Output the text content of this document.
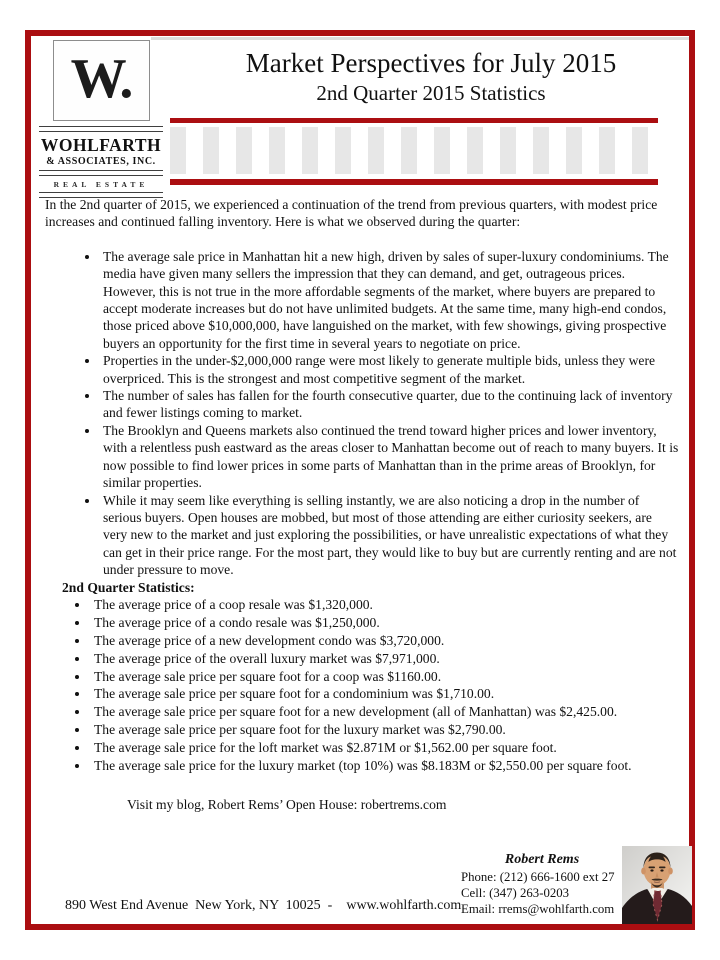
W.
WOHLFARTH
& ASSOCIATES, INC.
REAL ESTATE
Market Perspectives for July 2015
2nd Quarter 2015 Statistics

In the 2nd quarter of 2015, we experienced a continuation of the trend from previous quarters, with modest price increases and continued falling inventory. Here is what we observed during the quarter:

• The average sale price in Manhattan hit a new high, driven by sales of super-luxury condominiums. The media have given many sellers the impression that they can demand, and get, outrageous prices. However, this is not true in the more affordable segments of the market, where buyers are prepared to accept moderate increases but do not have unlimited budgets. At the same time, many high-end condos, those priced above $10,000,000, have languished on the market, with few showings, giving prospective buyers an opportunity for the first time in several years to negotiate on price.
• Properties in the under-$2,000,000 range were most likely to generate multiple bids, unless they were overpriced. This is the strongest and most competitive segment of the market.
• The number of sales has fallen for the fourth consecutive quarter, due to the continuing lack of inventory and fewer listings coming to market.
• The Brooklyn and Queens markets also continued the trend toward higher prices and lower inventory, with a relentless push eastward as the areas closer to Manhattan become out of reach to many buyers. It is now possible to find lower prices in some parts of Manhattan than in the prime areas of Brooklyn, for similar properties.
• While it may seem like everything is selling instantly, we are also noticing a drop in the number of serious buyers. Open houses are mobbed, but most of those attending are either curiosity seekers, are very new to the market and just exploring the possibilities, or have unrealistic expectations of what they can get in their price range. For the most part, they would like to buy but are currently renting and are not under pressure to move.

2nd Quarter Statistics:

• The average price of a coop resale was $1,320,000.
• The average price of a condo resale was $1,250,000.
• The average price of a new development condo was $3,720,000.
• The average price of the overall luxury market was $7,971,000.
• The average sale price per square foot for a coop was $1160.00.
• The average sale price per square foot for a condominium was $1,710.00.
• The average sale price per square foot for a new development (all of Manhattan) was $2,425.00.
• The average sale price per square foot for the luxury market was $2,790.00.
• The average sale price for the loft market was $2.871M or $1,562.00 per square foot.
• The average sale price for the luxury market (top 10%) was $8.183M or $2,550.00 per square foot.

Visit my blog, Robert Rems’ Open House: robertrems.com

Robert Rems
Phone: (212) 666-1600 ext 27
Cell: (347) 263-0203
Email: rrems@wohlfarth.com
890 West End Avenue  New York, NY  10025  - www.wohlfarth.com
